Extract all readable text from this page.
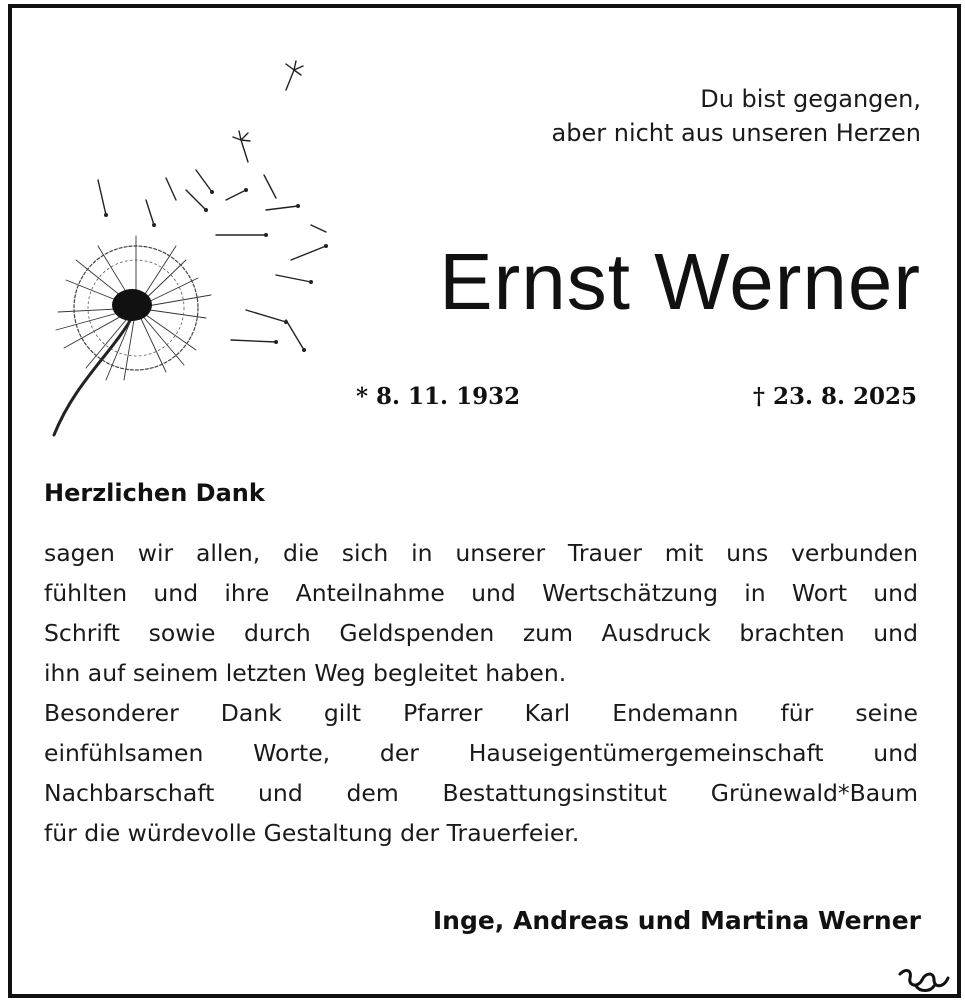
Du bist gegangen,
aber nicht aus unseren Herzen
Ernst Werner
* 8. 11. 1932	† 23. 8. 2025
Herzlichen Dank
sagen wir allen, die sich in unserer Trauer mit uns verbunden
fühlten und ihre Anteilnahme und Wertschätzung in Wort und
Schrift sowie durch Geldspenden zum Ausdruck brachten und
ihn auf seinem letzten Weg begleitet haben.
Besonderer Dank gilt Pfarrer Karl Endemann für seine
einfühlsamen Worte, der Hauseigentümergemeinschaft und
Nachbarschaft und dem Bestattungsinstitut Grünewald*Baum
für die würdevolle Gestaltung der Trauerfeier.
Inge, Andreas und Martina Werner
